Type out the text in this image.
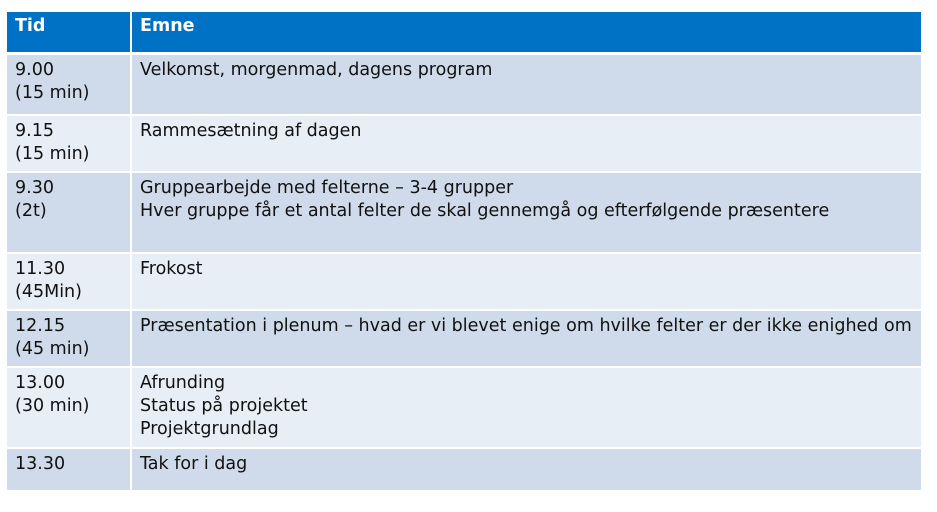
Tid	Emne

9.00
(15 min)	Velkomst, morgenmad, dagens program

9.15
(15 min)	Rammesætning af dagen

9.30
(2t)	Gruppearbejde med felterne – 3-4 grupper
Hver gruppe får et antal felter de skal gennemgå og efterfølgende præsentere

11.30
(45Min)	Frokost

12.15
(45 min)	Præsentation i plenum – hvad er vi blevet enige om hvilke felter er der ikke enighed om

13.00
(30 min)	Afrunding
Status på projektet
Projektgrundlag

13.30	Tak for i dag
